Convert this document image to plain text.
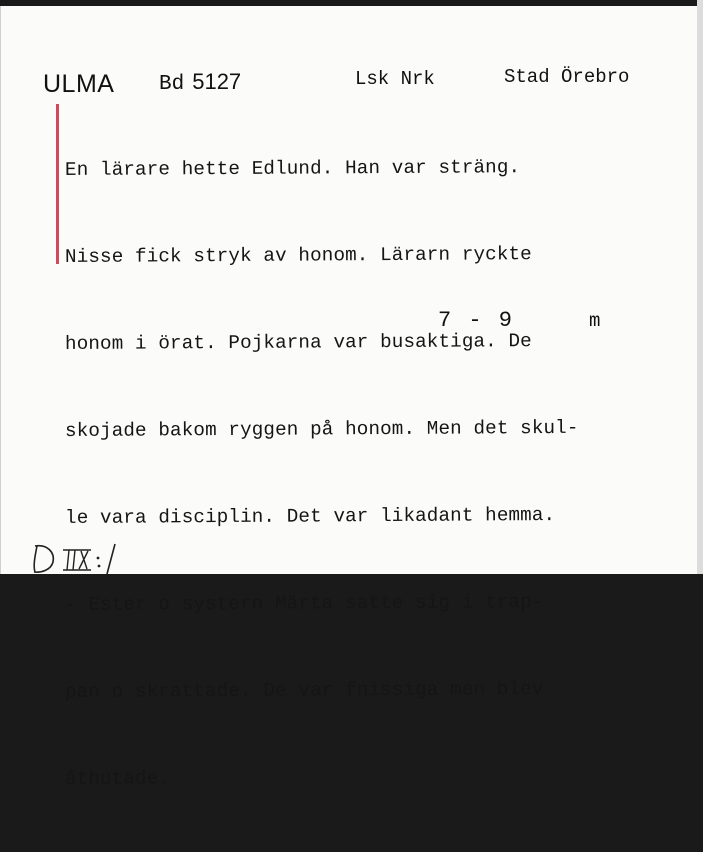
ULMA Bd 5127	Lsk Nrk	Stad Örebro

En lärare hette Edlund. Han var sträng.

Nisse fick stryk av honom. Lärarn ryckte

honom i örat. Pojkarna var busaktiga. De

skojade bakom ryggen på honom. Men det skul-

le vara disciplin. Det var likadant hemma.

- Ester o systern Märta satte sig i trap-

pan o skrattade. De var fnissiga men blev

åthutade.

7 - 9	m
